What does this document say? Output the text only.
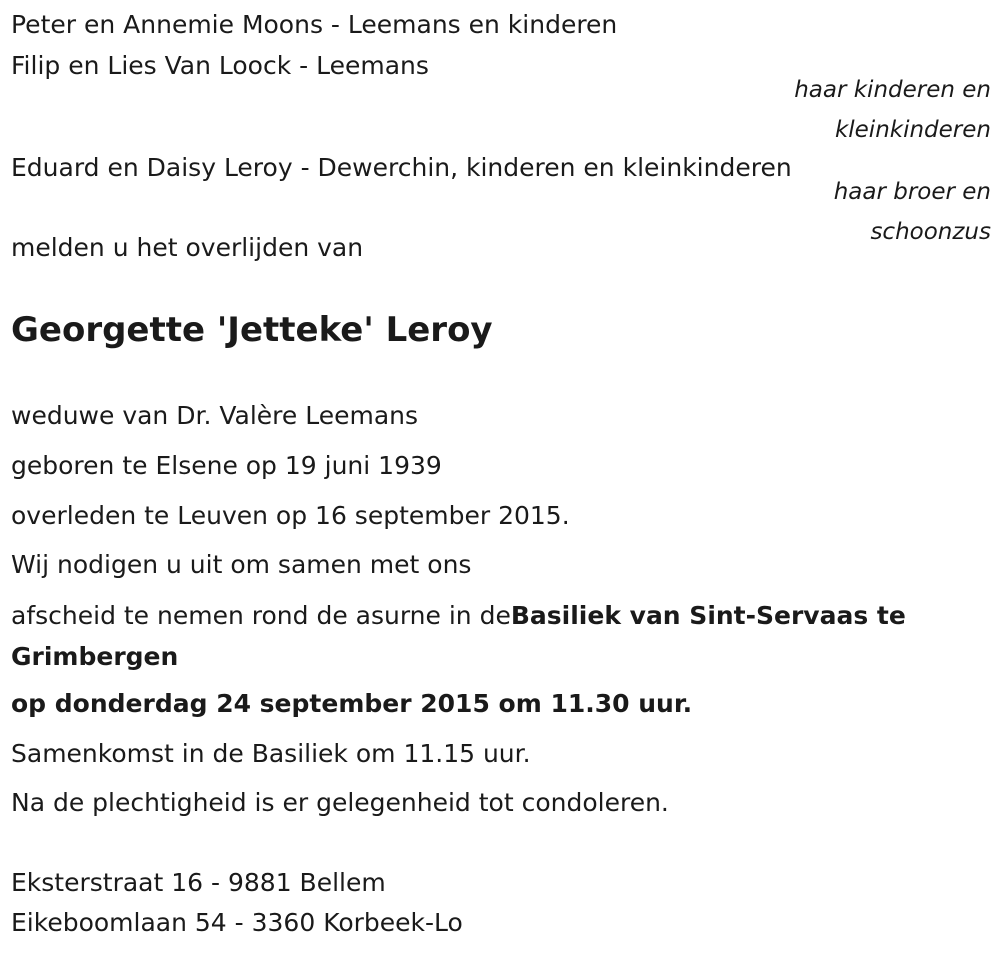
Peter en Annemie Moons - Leemans en kinderen
Filip en Lies Van Loock - Leemans
haar kinderen en
kleinkinderen
Eduard en Daisy Leroy - Dewerchin, kinderen en kleinkinderen
haar broer en
schoonzus
melden u het overlijden van
Georgette 'Jetteke' Leroy
weduwe van Dr. Valère Leemans
geboren te Elsene op 19 juni 1939
overleden te Leuven op 16 september 2015.
Wij nodigen u uit om samen met ons
afscheid te nemen rond de asurne in deBasiliek van Sint-Servaas te Grimbergen
op donderdag 24 september 2015 om 11.30 uur.
Samenkomst in de Basiliek om 11.15 uur.
Na de plechtigheid is er gelegenheid tot condoleren.
Eksterstraat 16 - 9881 Bellem
Eikeboomlaan 54 - 3360 Korbeek-Lo
